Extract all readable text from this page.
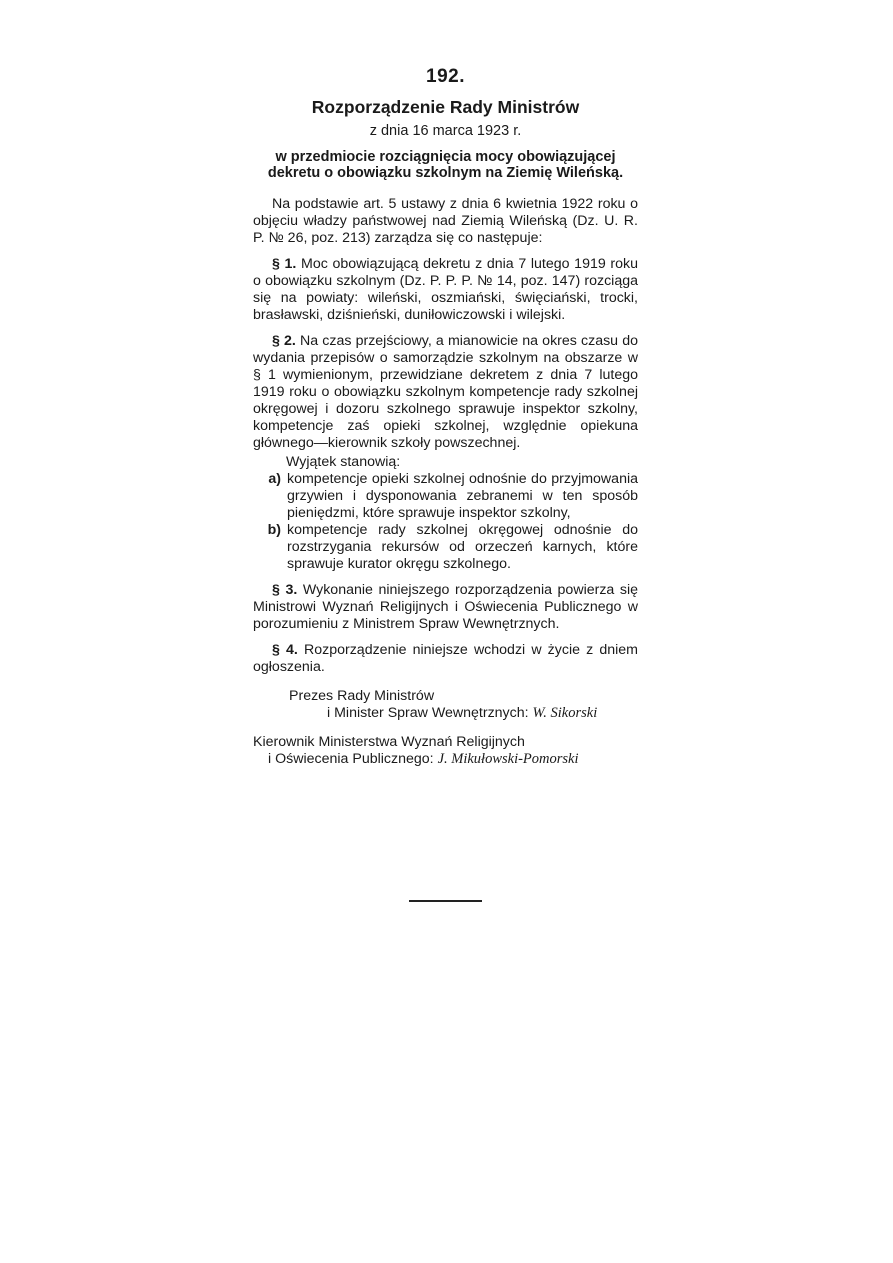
192.
Rozporządzenie Rady Ministrów
z dnia 16 marca 1923 r.
w przedmiocie rozciągnięcia mocy obowiązującej dekretu o obowiązku szkolnym na Ziemię Wileńską.

Na podstawie art. 5 ustawy z dnia 6 kwietnia 1922 roku o objęciu władzy państwowej nad Ziemią Wileńską (Dz. U. R. P. № 26, poz. 213) zarządza się co następuje:

§ 1. Moc obowiązującą dekretu z dnia 7 lutego 1919 roku o obowiązku szkolnym (Dz. P. P. P. № 14, poz. 147) rozciąga się na powiaty: wileński, oszmiański, święciański, trocki, brasławski, dziśnieński, duniłowiczowski i wilejski.

§ 2. Na czas przejściowy, a mianowicie na okres czasu do wydania przepisów o samorządzie szkolnym na obszarze w § 1 wymienionym, przewidziane dekretem z dnia 7 lutego 1919 roku o obowiązku szkolnym kompetencje rady szkolnej okręgowej i dozoru szkolnego sprawuje inspektor szkolny, kompetencje zaś opieki szkolnej, względnie opiekuna głównego—kierownik szkoły powszechnej.

Wyjątek stanowią:

a) kompetencje opieki szkolnej odnośnie do przyjmowania grzywien i dysponowania zebranemi w ten sposób pieniędzmi, które sprawuje inspektor szkolny,
b) kompetencje rady szkolnej okręgowej odnośnie do rozstrzygania rekursów od orzeczeń karnych, które sprawuje kurator okręgu szkolnego.

§ 3. Wykonanie niniejszego rozporządzenia powierza się Ministrowi Wyznań Religijnych i Oświecenia Publicznego w porozumieniu z Ministrem Spraw Wewnętrznych.

§ 4. Rozporządzenie niniejsze wchodzi w życie z dniem ogłoszenia.

Prezes Rady Ministrów
i Minister Spraw Wewnętrznych: W. Sikorski
Kierownik Ministerstwa Wyznań Religijnych
i Oświecenia Publicznego: J. Mikułowski-Pomorski
